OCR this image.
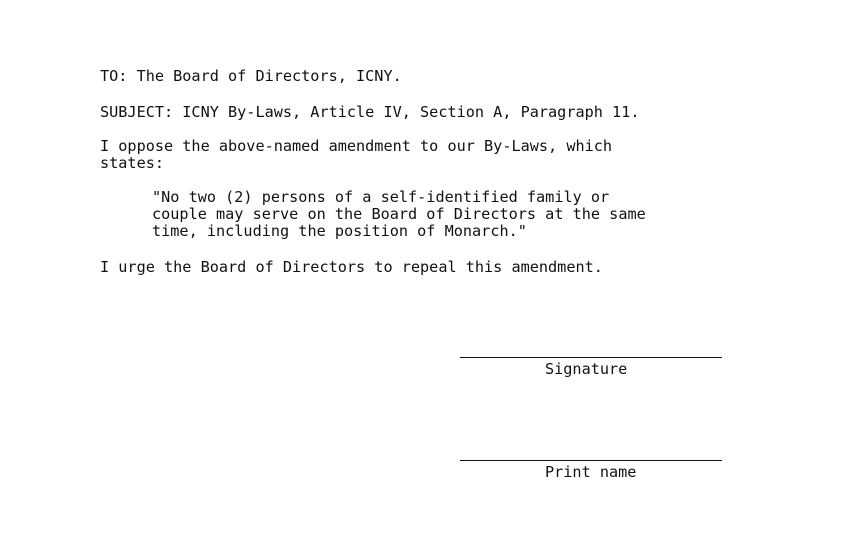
TO: The Board of Directors, ICNY.
SUBJECT: ICNY By-Laws, Article IV, Section A, Paragraph 11.
I oppose the above-named amendment to our By-Laws, which
states:
"No two (2) persons of a self-identified family or
couple may serve on the Board of Directors at the same
time, including the position of Monarch."
I urge the Board of Directors to repeal this amendment.
Signature
Print name
